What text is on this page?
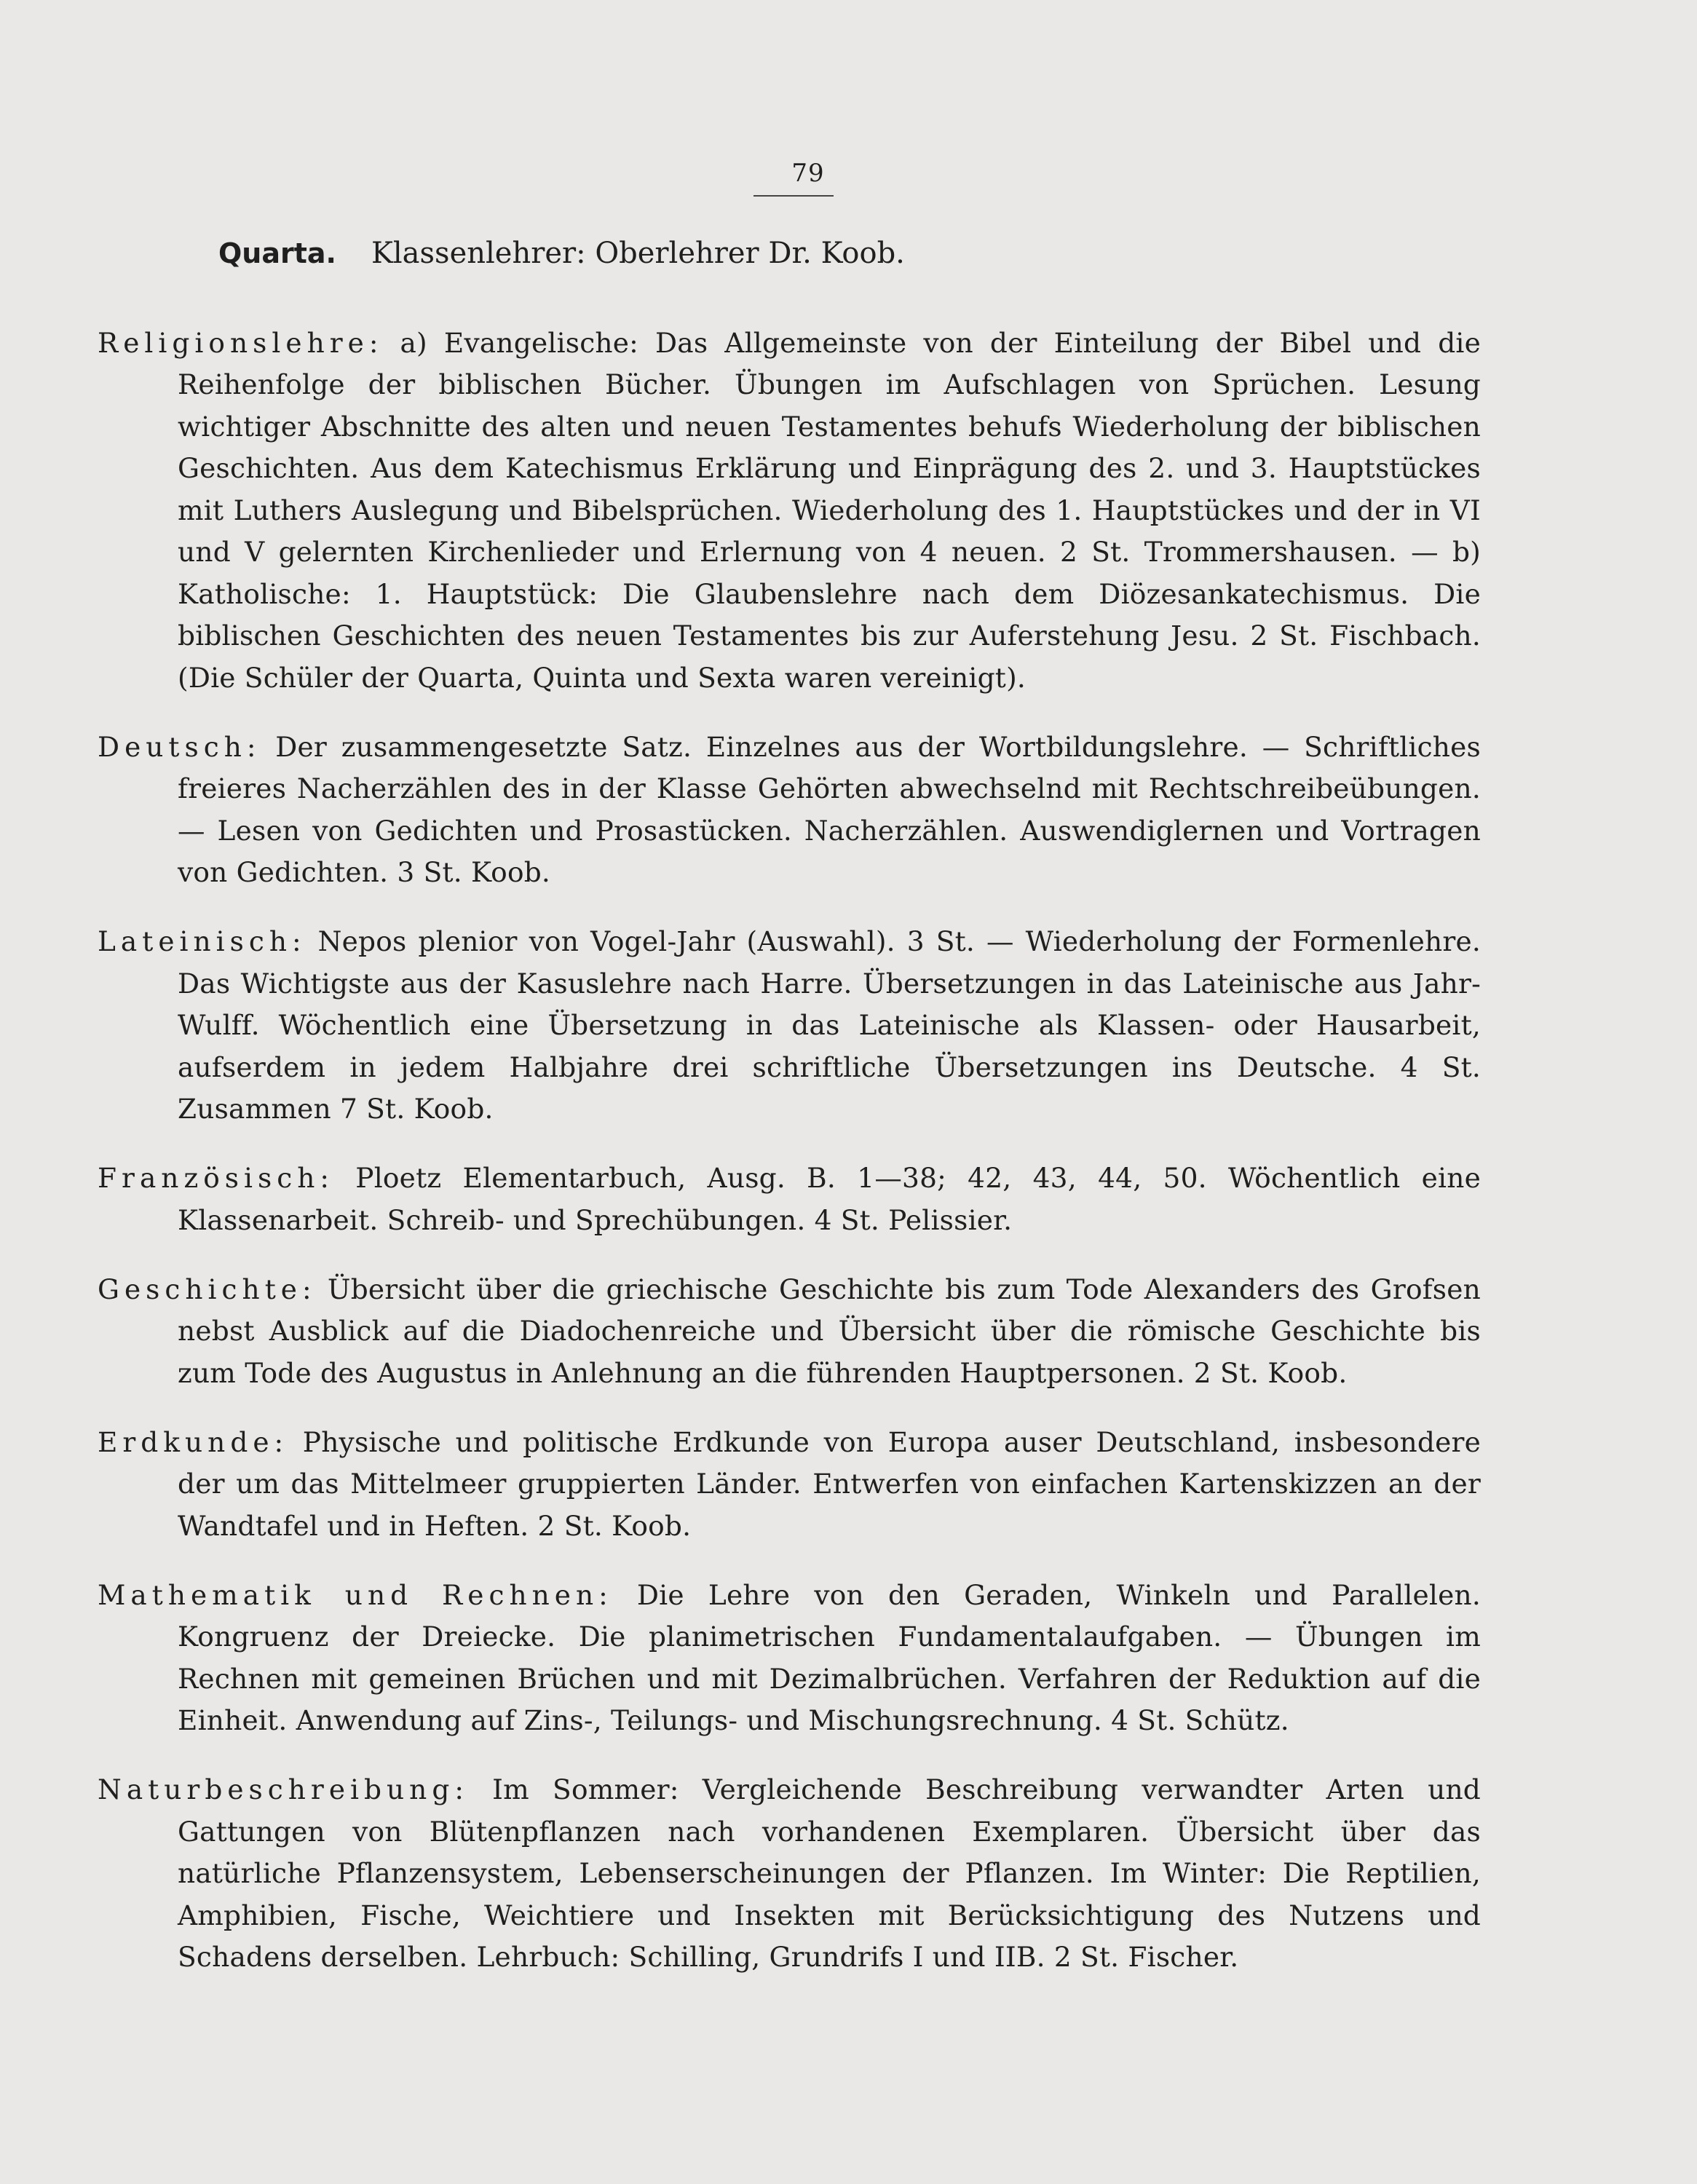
79
Quarta. Klassenlehrer: Oberlehrer Dr. Koob.

Religionslehre: a) Evangelische: Das Allgemeinste von der Einteilung der Bibel und die Reihenfolge der biblischen Bücher. Übungen im Aufschlagen von Sprüchen. Lesung wichtiger Abschnitte des alten und neuen Testamentes behufs Wiederholung der biblischen Geschichten. Aus dem Katechismus Erklärung und Einprägung des 2. und 3. Hauptstückes mit Luthers Auslegung und Bibelsprüchen. Wiederholung des 1. Hauptstückes und der in VI und V gelernten Kirchenlieder und Erlernung von 4 neuen. 2 St. Trommershausen. — b) Katholische: 1. Hauptstück: Die Glaubenslehre nach dem Diözesankatechismus. Die biblischen Geschichten des neuen Testamentes bis zur Auferstehung Jesu. 2 St. Fischbach. (Die Schüler der Quarta, Quinta und Sexta waren vereinigt).

Deutsch: Der zusammengesetzte Satz. Einzelnes aus der Wortbildungslehre. — Schriftliches freieres Nacherzählen des in der Klasse Gehörten abwechselnd mit Rechtschreibeübungen. — Lesen von Gedichten und Prosastücken. Nacherzählen. Auswendiglernen und Vortragen von Gedichten. 3 St. Koob.

Lateinisch: Nepos plenior von Vogel-Jahr (Auswahl). 3 St. — Wiederholung der Formenlehre. Das Wichtigste aus der Kasuslehre nach Harre. Übersetzungen in das Lateinische aus Jahr-Wulff. Wöchentlich eine Übersetzung in das Lateinische als Klassen- oder Hausarbeit, aufserdem in jedem Halbjahre drei schriftliche Übersetzungen ins Deutsche. 4 St. Zusammen 7 St. Koob.

Französisch: Ploetz Elementarbuch, Ausg. B. 1—38; 42, 43, 44, 50. Wöchentlich eine Klassenarbeit. Schreib- und Sprechübungen. 4 St. Pelissier.

Geschichte: Übersicht über die griechische Geschichte bis zum Tode Alexanders des Grofsen nebst Ausblick auf die Diadochenreiche und Übersicht über die römische Geschichte bis zum Tode des Augustus in Anlehnung an die führenden Hauptpersonen. 2 St. Koob.

Erdkunde: Physische und politische Erdkunde von Europa auser Deutschland, insbesondere der um das Mittelmeer gruppierten Länder. Entwerfen von einfachen Kartenskizzen an der Wandtafel und in Heften. 2 St. Koob.

Mathematik und Rechnen: Die Lehre von den Geraden, Winkeln und Parallelen. Kongruenz der Dreiecke. Die planimetrischen Fundamentalaufgaben. — Übungen im Rechnen mit gemeinen Brüchen und mit Dezimalbrüchen. Verfahren der Reduktion auf die Einheit. Anwendung auf Zins-, Teilungs- und Mischungsrechnung. 4 St. Schütz.

Naturbeschreibung: Im Sommer: Vergleichende Beschreibung verwandter Arten und Gattungen von Blütenpflanzen nach vorhandenen Exemplaren. Übersicht über das natürliche Pflanzensystem, Lebenserscheinungen der Pflanzen. Im Winter: Die Reptilien, Amphibien, Fische, Weichtiere und Insekten mit Berücksichtigung des Nutzens und Schadens derselben. Lehrbuch: Schilling, Grundrifs I und IIB. 2 St. Fischer.
